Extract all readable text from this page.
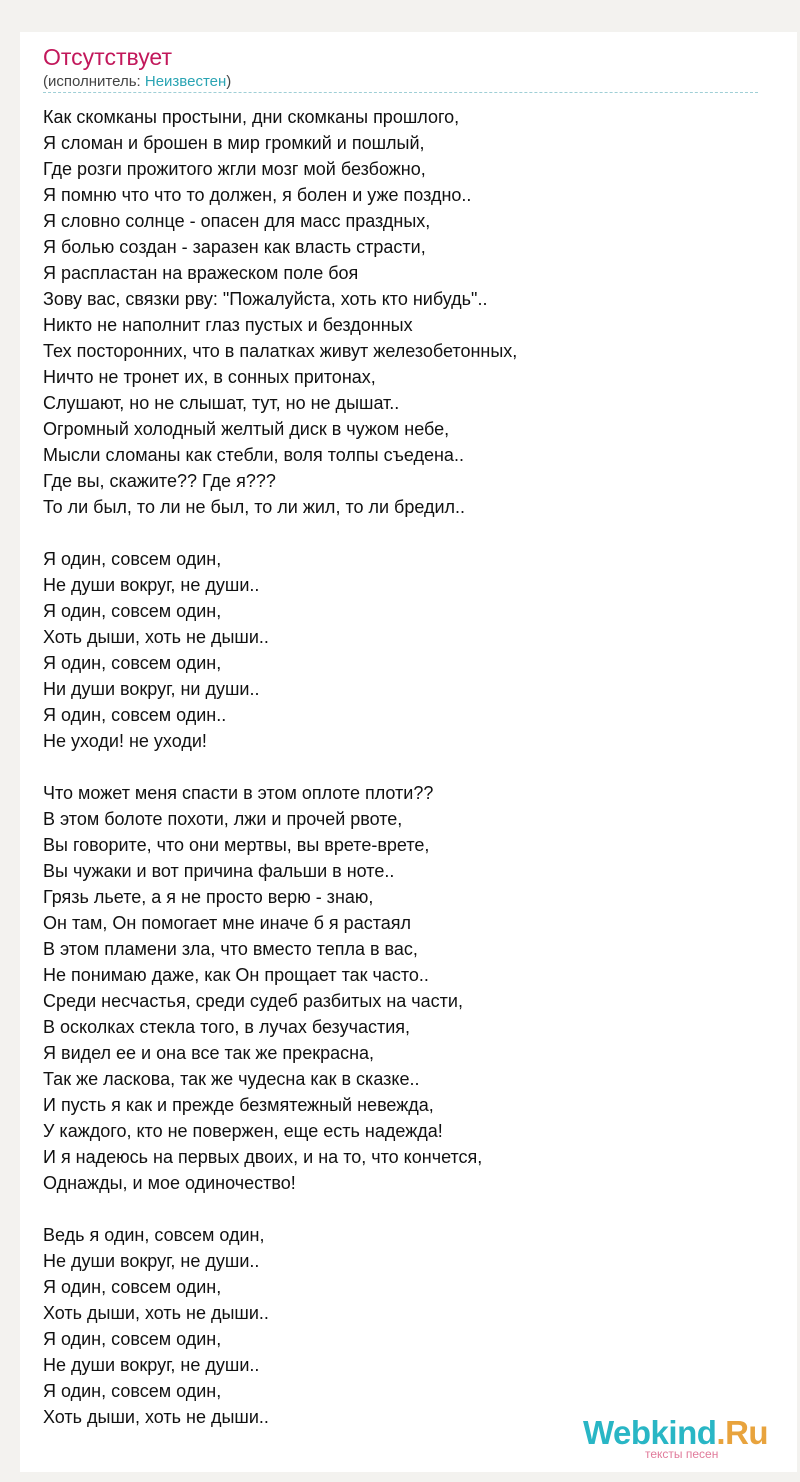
Отсутствует
(исполнитель: Неизвестен)
Как скомканы простыни, дни скомканы прошлого,
Я сломан и брошен в мир громкий и пошлый,
Где розги прожитого жгли мозг мой безбожно,
Я помню что что то должен, я болен и уже поздно..
Я словно солнце - опасен для масс праздных,
Я болью создан - заразен как власть страсти,
Я распластан на вражеском поле боя
Зову вас, связки рву: "Пожалуйста, хоть кто нибудь"..
Никто не наполнит глаз пустых и бездонных
Тех посторонних, что в палатках живут железобетонных,
Ничто не тронет их, в сонных притонах,
Слушают, но не слышат, тут, но не дышат..
Огромный холодный желтый диск в чужом небе,
Мысли сломаны как стебли, воля толпы съедена..
Где вы, скажите?? Где я???
То ли был, то ли не был, то ли жил, то ли бредил..
Я один, совсем один,
Не души вокруг, не души..
Я один, совсем один,
Хоть дыши, хоть не дыши..
Я один, совсем один,
Ни души вокруг, ни души..
Я один, совсем один..
Не уходи! не уходи!
Что может меня спасти в этом оплоте плоти??
В этом болоте похоти, лжи и прочей рвоте,
Вы говорите, что они мертвы, вы врете-врете,
Вы чужаки и вот причина фальши в ноте..
Грязь льете, а я не просто верю - знаю,
Он там, Он помогает мне иначе б я растаял
В этом пламени зла, что вместо тепла в вас,
Не понимаю даже, как Он прощает так часто..
Среди несчастья, среди судеб разбитых на части,
В осколках стекла того, в лучах безучастия,
Я видел ее и она все так же прекрасна,
Так же ласкова, так же чудесна как в сказке..
И пусть я как и прежде безмятежный невежда,
У каждого, кто не повержен, еще есть надежда!
И я надеюсь на первых двоих, и на то, что кончется,
Однажды, и мое одиночество!
Ведь я один, совсем один,
Не души вокруг, не души..
Я один, совсем один,
Хоть дыши, хоть не дыши..
Я один, совсем один,
Не души вокруг, не души..
Я один, совсем один,
Хоть дыши, хоть не дыши..	Webkind.Ru
тексты песен
